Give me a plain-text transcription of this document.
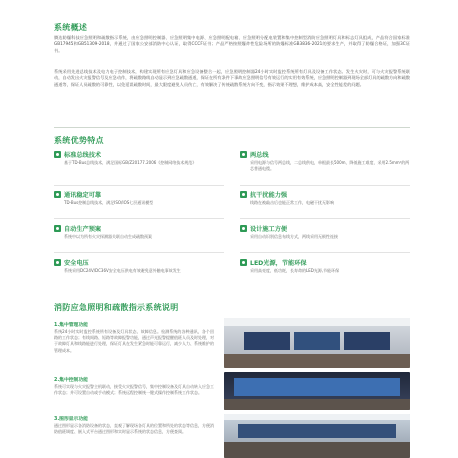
系统概述
腾达防爆科技应急照明和疏散指示系统，由应急照明控制器、应急照明集中电源、应急照明配电箱、应急照明分配电装置和集中控制型消防应急照明灯具和标志灯具组成，产品符合国家标准GB17945和GB51309-2018，并通过了国家公安部消防中心认证，取得CCCF证书；产品严格按照爆炸性危险场所的防爆标准GB3836-2021的要求生产，并取得了防爆合格证，加强3C证书。
系统采用先进总线技术及电力电子控制技术，构建实现所有应急灯具和应急设备整合一起，应急照明控制器24小时实时监控系统所有灯具及设备工作状态。发生火灾时，可与火灾报警系统联动，自动发出火灾报警信号及应急动作，将疏散路线自动显示到应急疏散通道，保证在所有条件下事故应急照明信号有效运行的实用有效系统，应急照明控制器到现场全部灯具的疏散方向和疏散通道等，保证人员疏散的可靠性，以免延误疏散时间，最大限度避免人员伤亡，有效解决了传统疏散系统方向不变，指示效果不理想，维护成本高，安全性能差的问题。
系统优势特点
标准总线技术
基于TD-Bus总线技术，满足国标GB/Z20177.2006《控制网络技术规范》
通讯稳定可靠
TD-Bus控制总线技术，满足ISO/IOS七层通讯模型
自动生产预案
系统中以为所有火灾探测器关联自动生成疏散预案
安全电压
系统采用DC24V/DC36V安全电压供电有效避免意外触电事故发生
两总线
采用电源与信号两总线，二总线供电，单根最长500m，降低施工难度，采用2.5mm²的两芯普通电缆。
抗干扰能力强
线路在被敲击后也能正常工作，电磁干扰无影响
设计施工方便
采用自动识别信息布线方式，两线采用无极性连接
LED光源，节能环保
采用高亮度，低功耗，长寿命的LED光源,节能环保
消防应急照明和疏散指示系统说明
1.集中管理功能
系统24小时实时监控系统所有设备及灯具状态、故障信息。检测系统的各种通讯，各个回路的工作状态；有线间路、短路等故障报警功能，通过声光报警提醒值班人员及时处理，对于故障灯具和线路能进行处理，保证灯具在发生紧急时能可靠运行，减少人力、系统维护的管理成本。
2.集中控制功能
系统可实现与火灾报警主机联动，接受火灾报警信号，集中控制设备及灯具自动转入应急工作状态；并可设置自动或手动模式；系统远程控制统一键式操作控制系统工作状态。
3.图形显示功能
通过图形显示各消防设备的状态，直观了解现场各灯具的位置和所处的状态等信息，方便消防值班调度、嵌入式平台通过图形和实时显示系统的状态信息，方便查阅。
